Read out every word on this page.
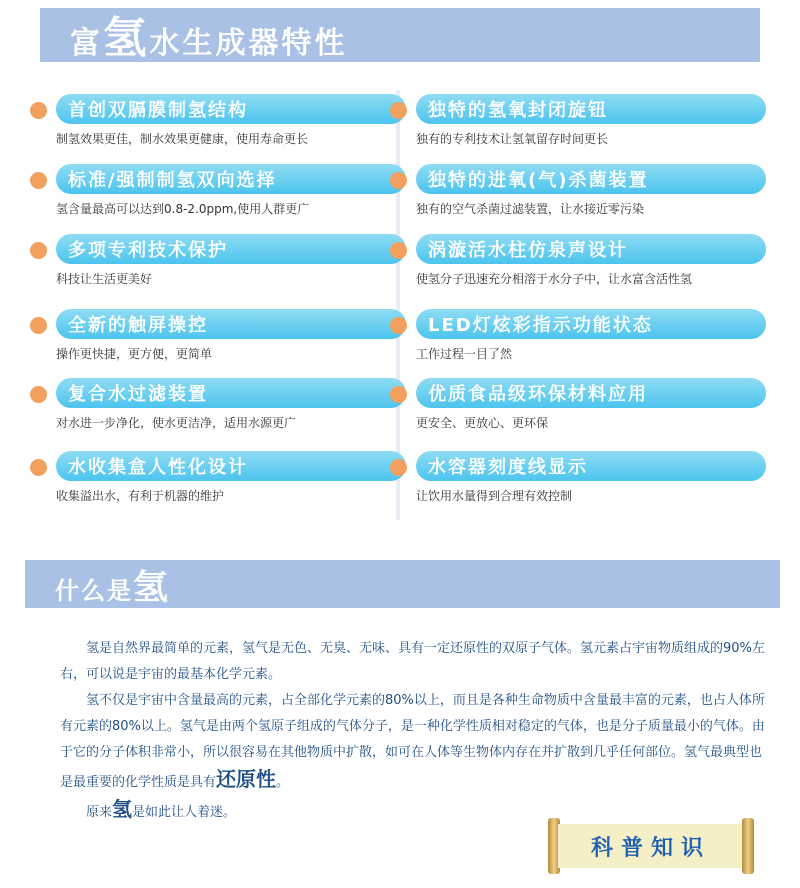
富氢水生成器特性
首创双膈膜制氢结构
制氢效果更佳，制水效果更健康，使用寿命更长
标准/强制制氢双向选择
氢含量最高可以达到0.8-2.0ppm,使用人群更广
多项专利技术保护
科技让生活更美好
全新的触屏操控
操作更快捷，更方便，更简单
复合水过滤装置
对水进一步净化，使水更洁净，适用水源更广
水收集盒人性化设计
收集溢出水，有利于机器的维护
独特的氢氧封闭旋钮
独有的专利技术让氢氧留存时间更长
独特的进氧(气)杀菌装置
独有的空气杀菌过滤装置，让水接近零污染
涡漩活水柱仿泉声设计
使氢分子迅速充分相溶于水分子中，让水富含活性氢
LED灯炫彩指示功能状态
工作过程一目了然
优质食品级环保材料应用
更安全、更放心、更环保
水容器刻度线显示
让饮用水量得到合理有效控制
什么是氢

氢是自然界最简单的元素，氢气是无色、无臭、无味、具有一定还原性的双原子气体。氢元素占宇宙物质组成的90%左右，可以说是宇宙的最基本化学元素。

氢不仅是宇宙中含量最高的元素，占全部化学元素的80%以上，而且是各种生命物质中含量最丰富的元素，也占人体所有元素的80%以上。氢气是由两个氢原子组成的气体分子，是一种化学性质相对稳定的气体，也是分子质量最小的气体。由于它的分子体积非常小，所以很容易在其他物质中扩散，如可在人体等生物体内存在并扩散到几乎任何部位。氢气最典型也是最重要的化学性质是具有还原性。

原来氢是如此让人着迷。

科普知识
